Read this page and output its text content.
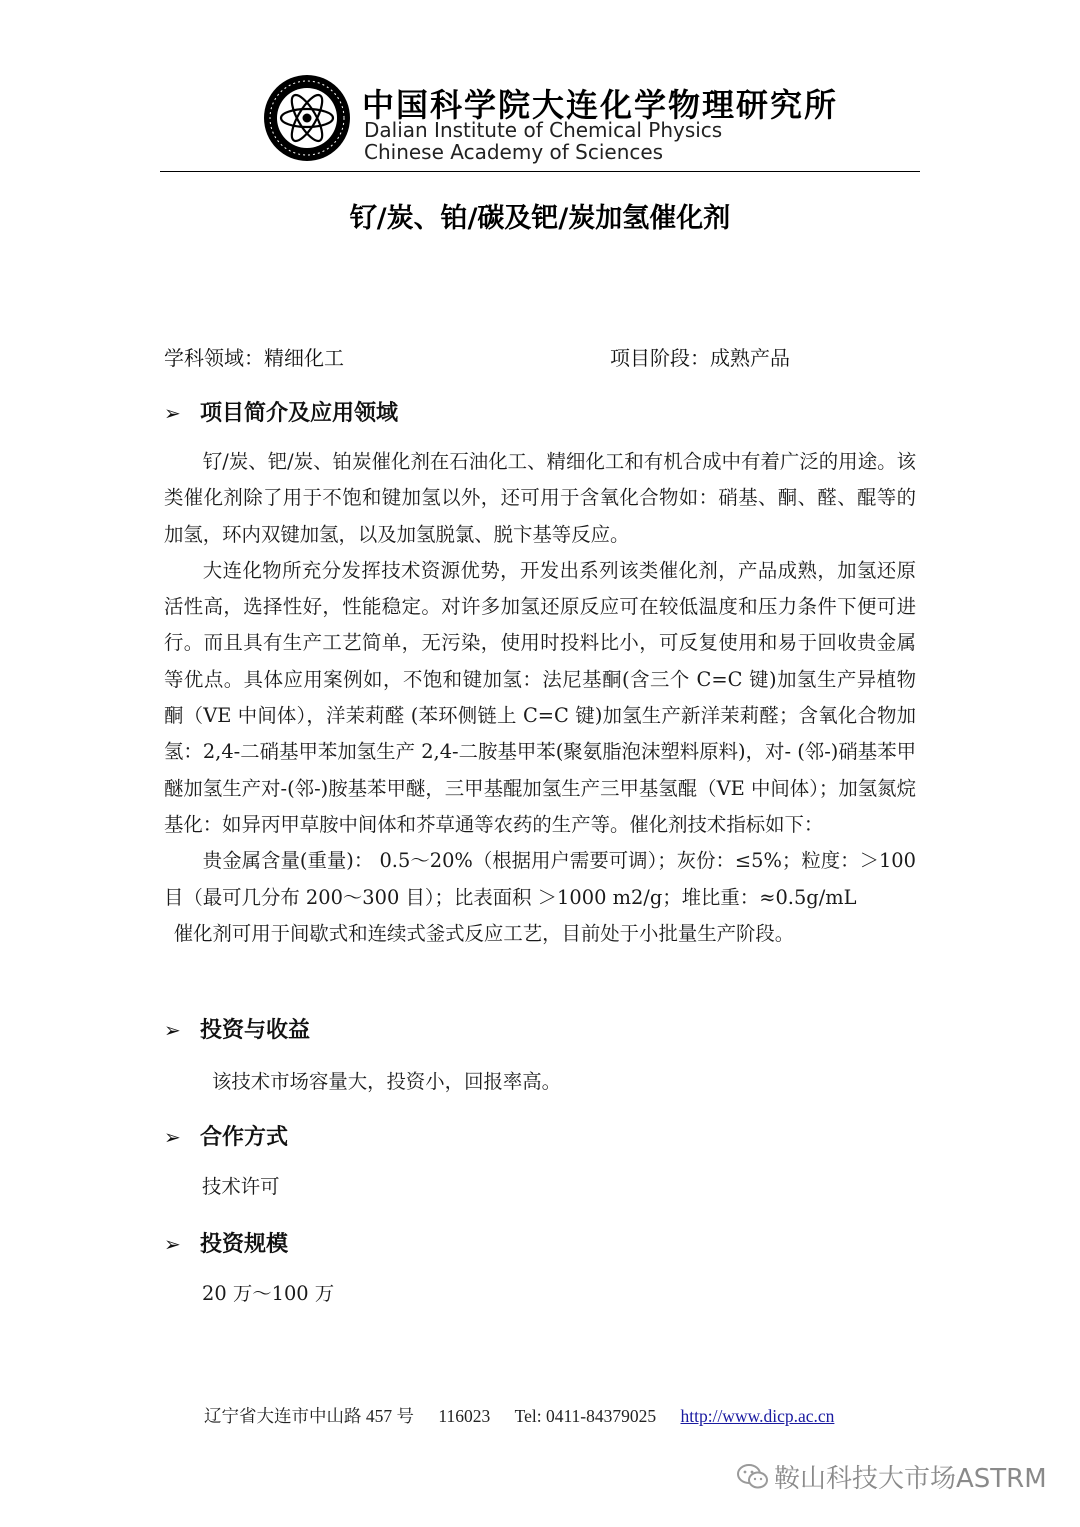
中国科学院大连化学物理研究所
Dalian Institute of Chemical Physics
Chinese Academy of Sciences
钌/炭、铂/碳及钯/炭加氢催化剂
学科领域：精细化工	项目阶段：成熟产品
➢ 项目简介及应用领域

钌/炭、钯/炭、铂炭催化剂在石油化工、精细化工和有机合成中有着广泛的用途。该类催化剂除了用于不饱和键加氢以外，还可用于含氧化合物如：硝基、酮、醛、醌等的加氢，环内双键加氢，以及加氢脱氯、脱卞基等反应。

大连化物所充分发挥技术资源优势，开发出系列该类催化剂，产品成熟，加氢还原活性高，选择性好，性能稳定。对许多加氢还原反应可在较低温度和压力条件下便可进行。而且具有生产工艺简单，无污染，使用时投料比小，可反复使用和易于回收贵金属等优点。具体应用案例如，不饱和键加氢：法尼基酮(含三个 C=C 键)加氢生产异植物酮（VE 中间体），洋茉莉醛 (苯环侧链上 C=C 键)加氢生产新洋茉莉醛；含氧化合物加氢：2,4-二硝基甲苯加氢生产 2,4-二胺基甲苯(聚氨脂泡沫塑料原料)，对- (邻-)硝基苯甲醚加氢生产对-(邻-)胺基苯甲醚，三甲基醌加氢生产三甲基氢醌（VE 中间体）；加氢氮烷基化：如异丙甲草胺中间体和芥草通等农药的生产等。催化剂技术指标如下：

贵金属含量(重量)： 0.5～20%（根据用户需要可调）；灰份：≤5%；粒度：＞100 目（最可几分布 200～300 目）；比表面积 ＞1000 m2/g；堆比重：≈0.5g/mL

催化剂可用于间歇式和连续式釜式反应工艺，目前处于小批量生产阶段。

➢ 投资与收益
该技术市场容量大，投资小，回报率高。
➢ 合作方式
技术许可
➢ 投资规模
20 万～100 万
辽宁省大连市中山路 457 号 116023 Tel: 0411-84379025 http://www.dicp.ac.cn
鞍山科技大市场ASTRM
